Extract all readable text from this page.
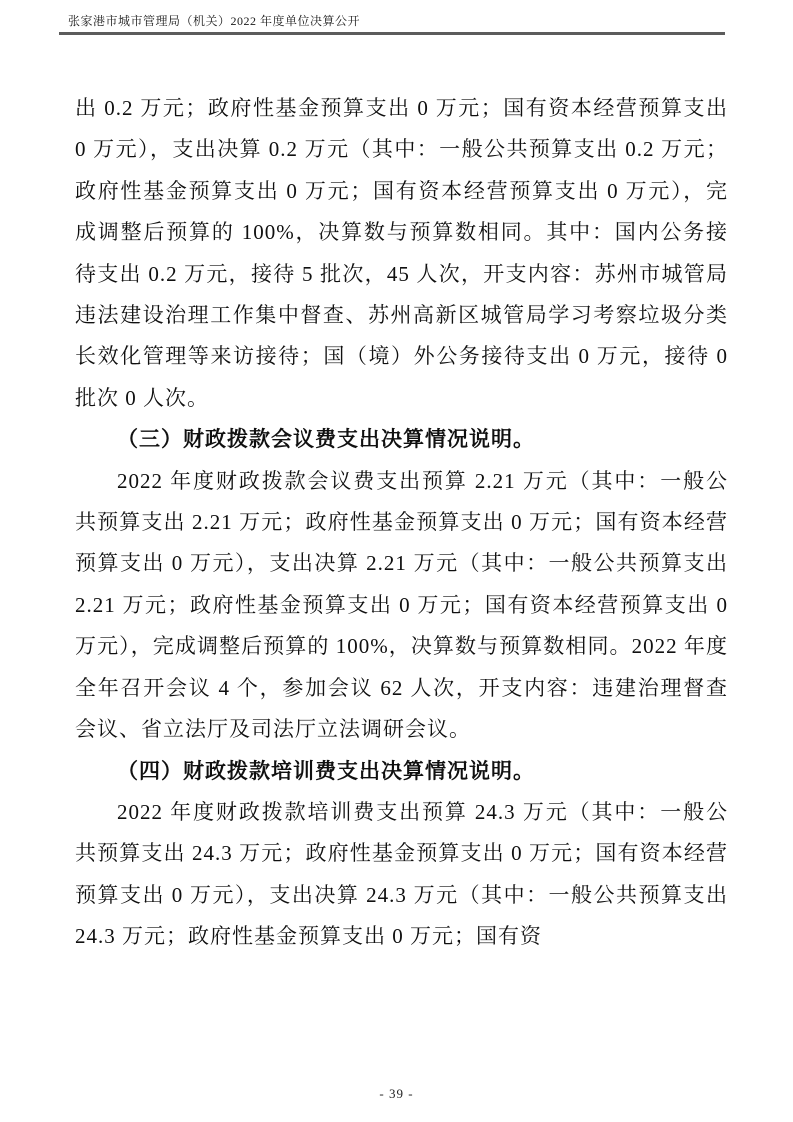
张家港市城市管理局（机关）2022 年度单位决算公开

出 0.2 万元；政府性基金预算支出 0 万元；国有资本经营预算支出 0 万元），支出决算 0.2 万元（其中：一般公共预算支出 0.2 万元；政府性基金预算支出 0 万元；国有资本经营预算支出 0 万元），完成调整后预算的 100%，决算数与预算数相同。其中：国内公务接待支出 0.2 万元，接待 5 批次，45 人次，开支内容：苏州市城管局违法建设治理工作集中督查、苏州高新区城管局学习考察垃圾分类长效化管理等来访接待；国（境）外公务接待支出 0 万元，接待 0 批次 0 人次。

（三）财政拨款会议费支出决算情况说明。

2022 年度财政拨款会议费支出预算 2.21 万元（其中：一般公共预算支出 2.21 万元；政府性基金预算支出 0 万元；国有资本经营预算支出 0 万元），支出决算 2.21 万元（其中：一般公共预算支出 2.21 万元；政府性基金预算支出 0 万元；国有资本经营预算支出 0 万元），完成调整后预算的 100%，决算数与预算数相同。2022 年度全年召开会议 4 个，参加会议 62 人次，开支内容：违建治理督查会议、省立法厅及司法厅立法调研会议。

（四）财政拨款培训费支出决算情况说明。

2022 年度财政拨款培训费支出预算 24.3 万元（其中：一般公共预算支出 24.3 万元；政府性基金预算支出 0 万元；国有资本经营预算支出 0 万元），支出决算 24.3 万元（其中：一般公共预算支出 24.3 万元；政府性基金预算支出 0 万元；国有资

- 39 -
